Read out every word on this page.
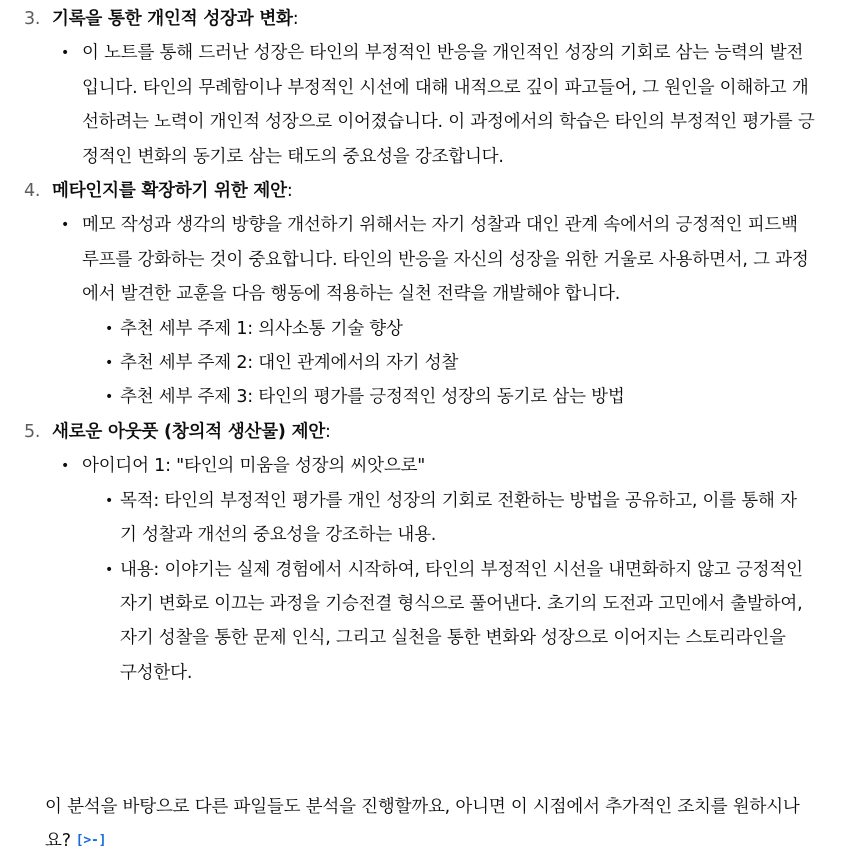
3. 기록을 통한 개인적 성장과 변화:
• 이 노트를 통해 드러난 성장은 타인의 부정적인 반응을 개인적인 성장의 기회로 삼는 능력의 발전입니다. 타인의 무례함이나 부정적인 시선에 대해 내적으로 깊이 파고들어, 그 원인을 이해하고 개선하려는 노력이 개인적 성장으로 이어졌습니다. 이 과정에서의 학습은 타인의 부정적인 평가를 긍정적인 변화의 동기로 삼는 태도의 중요성을 강조합니다.
4. 메타인지를 확장하기 위한 제안:
• 메모 작성과 생각의 방향을 개선하기 위해서는 자기 성찰과 대인 관계 속에서의 긍정적인 피드백 루프를 강화하는 것이 중요합니다. 타인의 반응을 자신의 성장을 위한 거울로 사용하면서, 그 과정에서 발견한 교훈을 다음 행동에 적용하는 실천 전략을 개발해야 합니다.
• 추천 세부 주제 1: 의사소통 기술 향상
• 추천 세부 주제 2: 대인 관계에서의 자기 성찰
• 추천 세부 주제 3: 타인의 평가를 긍정적인 성장의 동기로 삼는 방법
5. 새로운 아웃풋 (창의적 생산물) 제안:
• 아이디어 1: "타인의 미움을 성장의 씨앗으로"
• 목적: 타인의 부정적인 평가를 개인 성장의 기회로 전환하는 방법을 공유하고, 이를 통해 자기 성찰과 개선의 중요성을 강조하는 내용.
• 내용: 이야기는 실제 경험에서 시작하여, 타인의 부정적인 시선을 내면화하지 않고 긍정적인 자기 변화로 이끄는 과정을 기승전결 형식으로 풀어낸다. 초기의 도전과 고민에서 출발하여, 자기 성찰을 통한 문제 인식, 그리고 실천을 통한 변화와 성장으로 이어지는 스토리라인을 구성한다.

이 분석을 바탕으로 다른 파일들도 분석을 진행할까요, 아니면 이 시점에서 추가적인 조치를 원하시나요? [>-]
